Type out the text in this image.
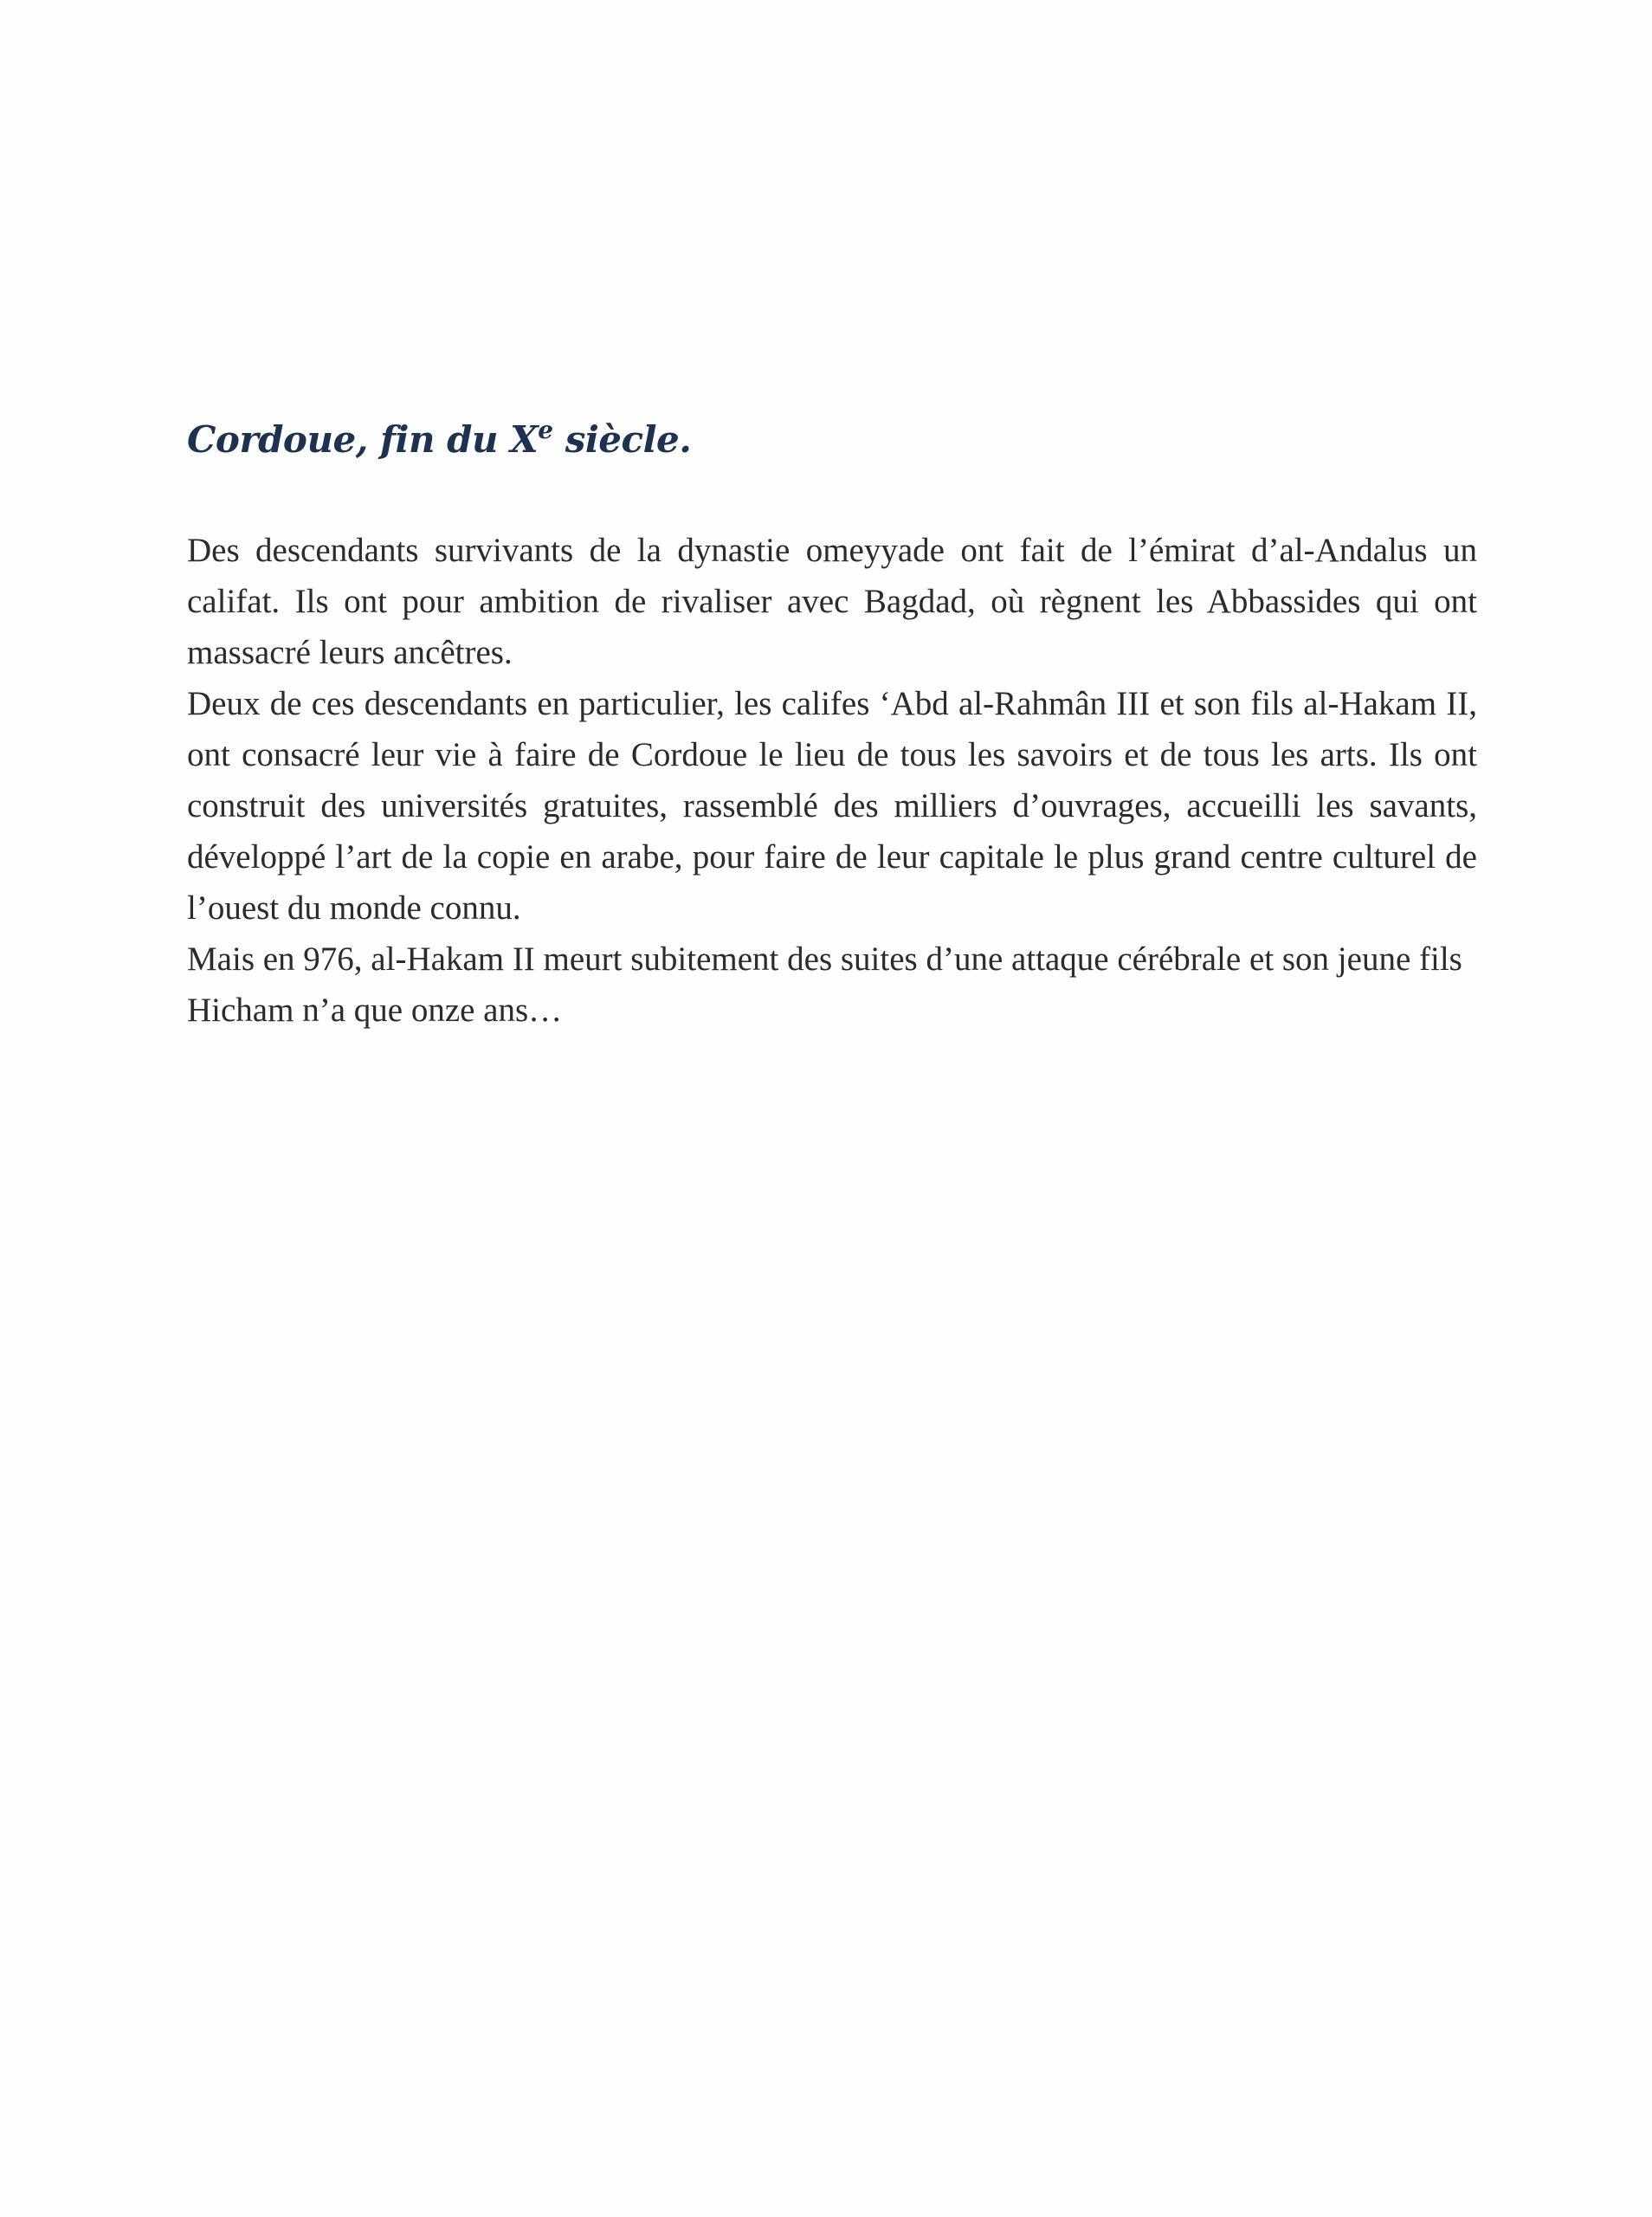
Cordoue, fin du Xe siècle.

Des descendants survivants de la dynastie omeyyade ont fait de l’émirat d’al-Andalus un califat. Ils ont pour ambition de rivaliser avec Bagdad, où règnent les Abbassides qui ont massacré leurs ancêtres.

Deux de ces descendants en particulier, les califes ‘Abd al-Rahmân III et son fils al-Hakam II, ont consacré leur vie à faire de Cordoue le lieu de tous les savoirs et de tous les arts. Ils ont construit des universités gratuites, rassemblé des milliers d’ouvrages, accueilli les savants, développé l’art de la copie en arabe, pour faire de leur capitale le plus grand centre culturel de l’ouest du monde connu.

Mais en 976, al-Hakam II meurt subitement des suites d’une attaque cérébrale et son jeune fils Hicham n’a que onze ans…
